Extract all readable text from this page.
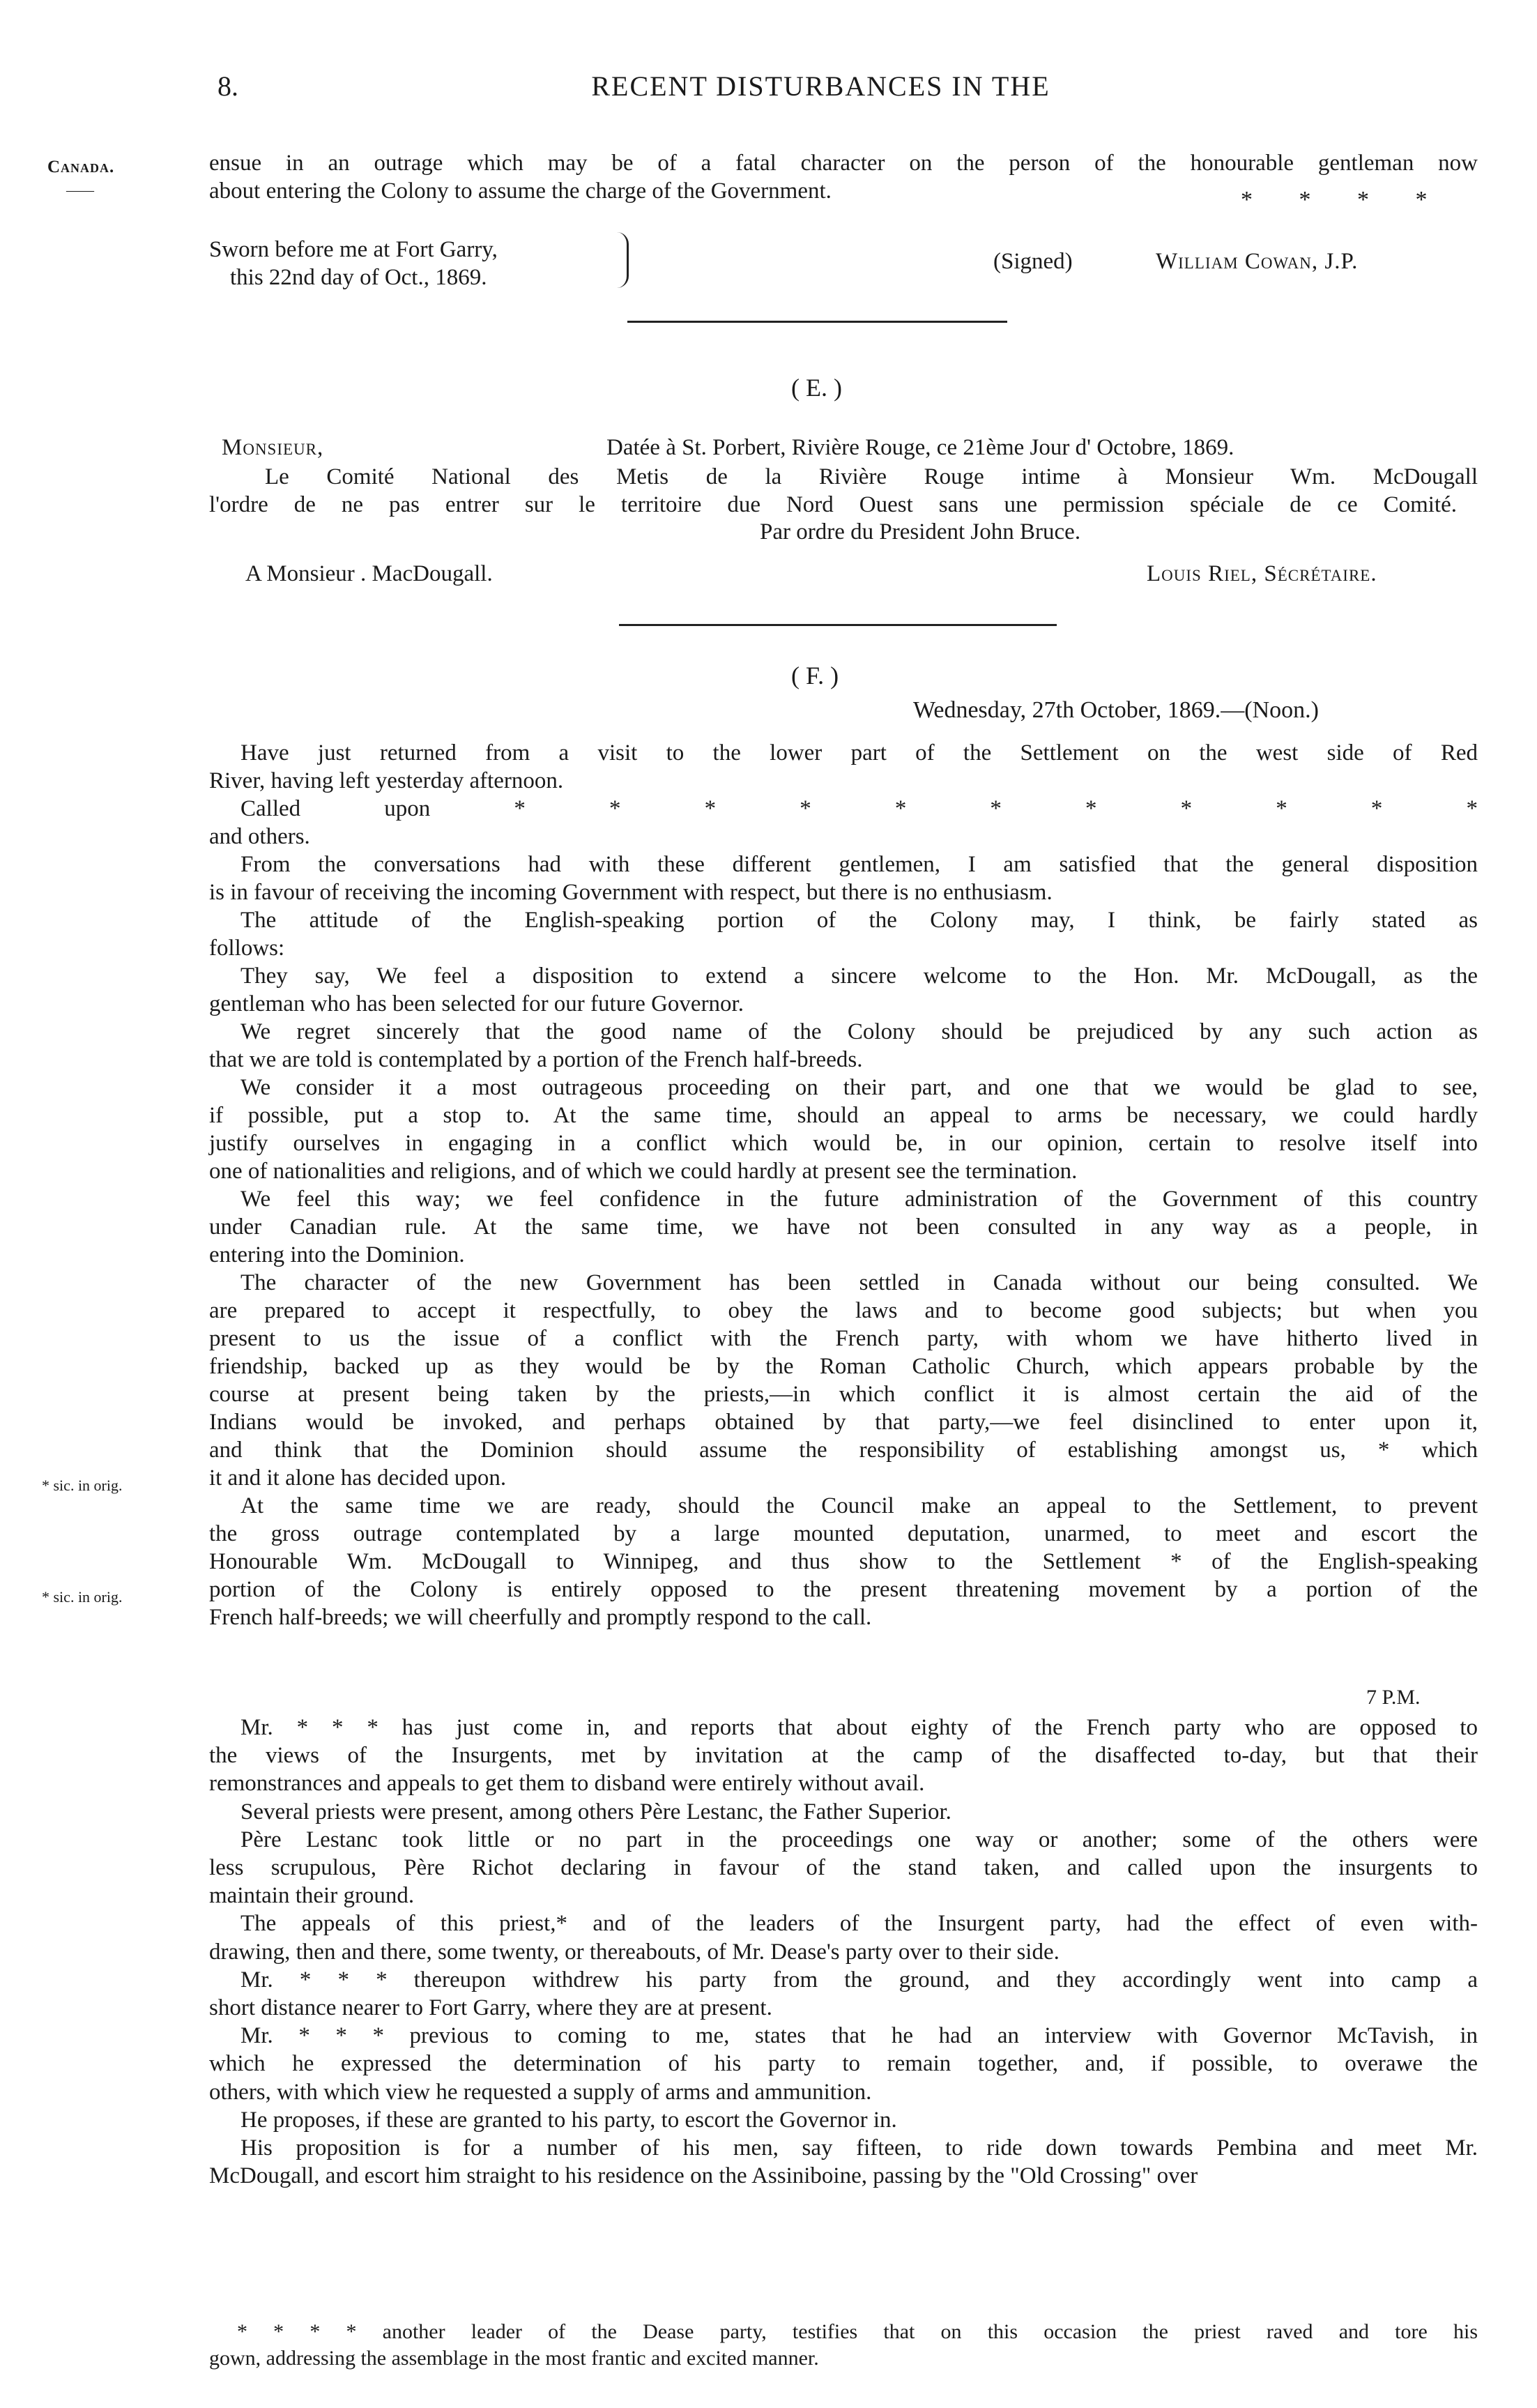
8.	RECENT DISTURBANCES IN THE
Canada.
——
ensue in an outrage which may be of a fatal character on the person of the honourable gentleman now
about entering the Colony to assume the charge of the Government.	* * * *
Sworn before me at Fort Garry,
this 22nd day of Oct., 1869.
(Signed)	William Cowan, J.P.
( E. )
Monsieur,	Datée à St. Porbert, Rivière Rouge, ce 21ème Jour d' Octobre, 1869.
Le Comité National des Metis de la Rivière Rouge intime à Monsieur Wm. McDougall
l'ordre de ne pas entrer sur le territoire due Nord Ouest sans une permission spéciale de ce Comité.
Par ordre du President John Bruce.
A Monsieur . MacDougall.	Louis Riel, Sécrétaire.
( F. )
Wednesday, 27th October, 1869.—(Noon.)
Have just returned from a visit to the lower part of the Settlement on the west side of Red
River, having left yesterday afternoon.
Called upon * * * * * * * * * * *
and others.
From the conversations had with these different gentlemen, I am satisfied that the general disposition
is in favour of receiving the incoming Government with respect, but there is no enthusiasm.
The attitude of the English-speaking portion of the Colony may, I think, be fairly stated as
follows:
They say, We feel a disposition to extend a sincere welcome to the Hon. Mr. McDougall, as the
gentleman who has been selected for our future Governor.
We regret sincerely that the good name of the Colony should be prejudiced by any such action as
that we are told is contemplated by a portion of the French half-breeds.
We consider it a most outrageous proceeding on their part, and one that we would be glad to see,
if possible, put a stop to. At the same time, should an appeal to arms be necessary, we could hardly
justify ourselves in engaging in a conflict which would be, in our opinion, certain to resolve itself into
one of nationalities and religions, and of which we could hardly at present see the termination.
We feel this way; we feel confidence in the future administration of the Government of this country
under Canadian rule. At the same time, we have not been consulted in any way as a people, in
entering into the Dominion.
The character of the new Government has been settled in Canada without our being consulted. We
are prepared to accept it respectfully, to obey the laws and to become good subjects; but when you
present to us the issue of a conflict with the French party, with whom we have hitherto lived in
friendship, backed up as they would be by the Roman Catholic Church, which appears probable by the
course at present being taken by the priests,—in which conflict it is almost certain the aid of the
Indians would be invoked, and perhaps obtained by that party,—we feel disinclined to enter upon it,
and think that the Dominion should assume the responsibility of establishing amongst us, * which
it and it alone has decided upon.
At the same time we are ready, should the Council make an appeal to the Settlement, to prevent
the gross outrage contemplated by a large mounted deputation, unarmed, to meet and escort the
Honourable Wm. McDougall to Winnipeg, and thus show to the Settlement * of the English-speaking
portion of the Colony is entirely opposed to the present threatening movement by a portion of the
French half-breeds; we will cheerfully and promptly respond to the call.
* sic. in orig.
* sic. in orig.
7 P.M.
Mr. * * * has just come in, and reports that about eighty of the French party who are opposed to
the views of the Insurgents, met by invitation at the camp of the disaffected to-day, but that their
remonstrances and appeals to get them to disband were entirely without avail.
Several priests were present, among others Père Lestanc, the Father Superior.
Père Lestanc took little or no part in the proceedings one way or another; some of the others were
less scrupulous, Père Richot declaring in favour of the stand taken, and called upon the insurgents to
maintain their ground.
The appeals of this priest,* and of the leaders of the Insurgent party, had the effect of even with-
drawing, then and there, some twenty, or thereabouts, of Mr. Dease's party over to their side.
Mr. * * * thereupon withdrew his party from the ground, and they accordingly went into camp a
short distance nearer to Fort Garry, where they are at present.
Mr. * * * previous to coming to me, states that he had an interview with Governor McTavish, in
which he expressed the determination of his party to remain together, and, if possible, to overawe the
others, with which view he requested a supply of arms and ammunition.
He proposes, if these are granted to his party, to escort the Governor in.
His proposition is for a number of his men, say fifteen, to ride down towards Pembina and meet Mr.
McDougall, and escort him straight to his residence on the Assiniboine, passing by the "Old Crossing" over
* * * * another leader of the Dease party, testifies that on this occasion the priest raved and tore his
gown, addressing the assemblage in the most frantic and excited manner.
